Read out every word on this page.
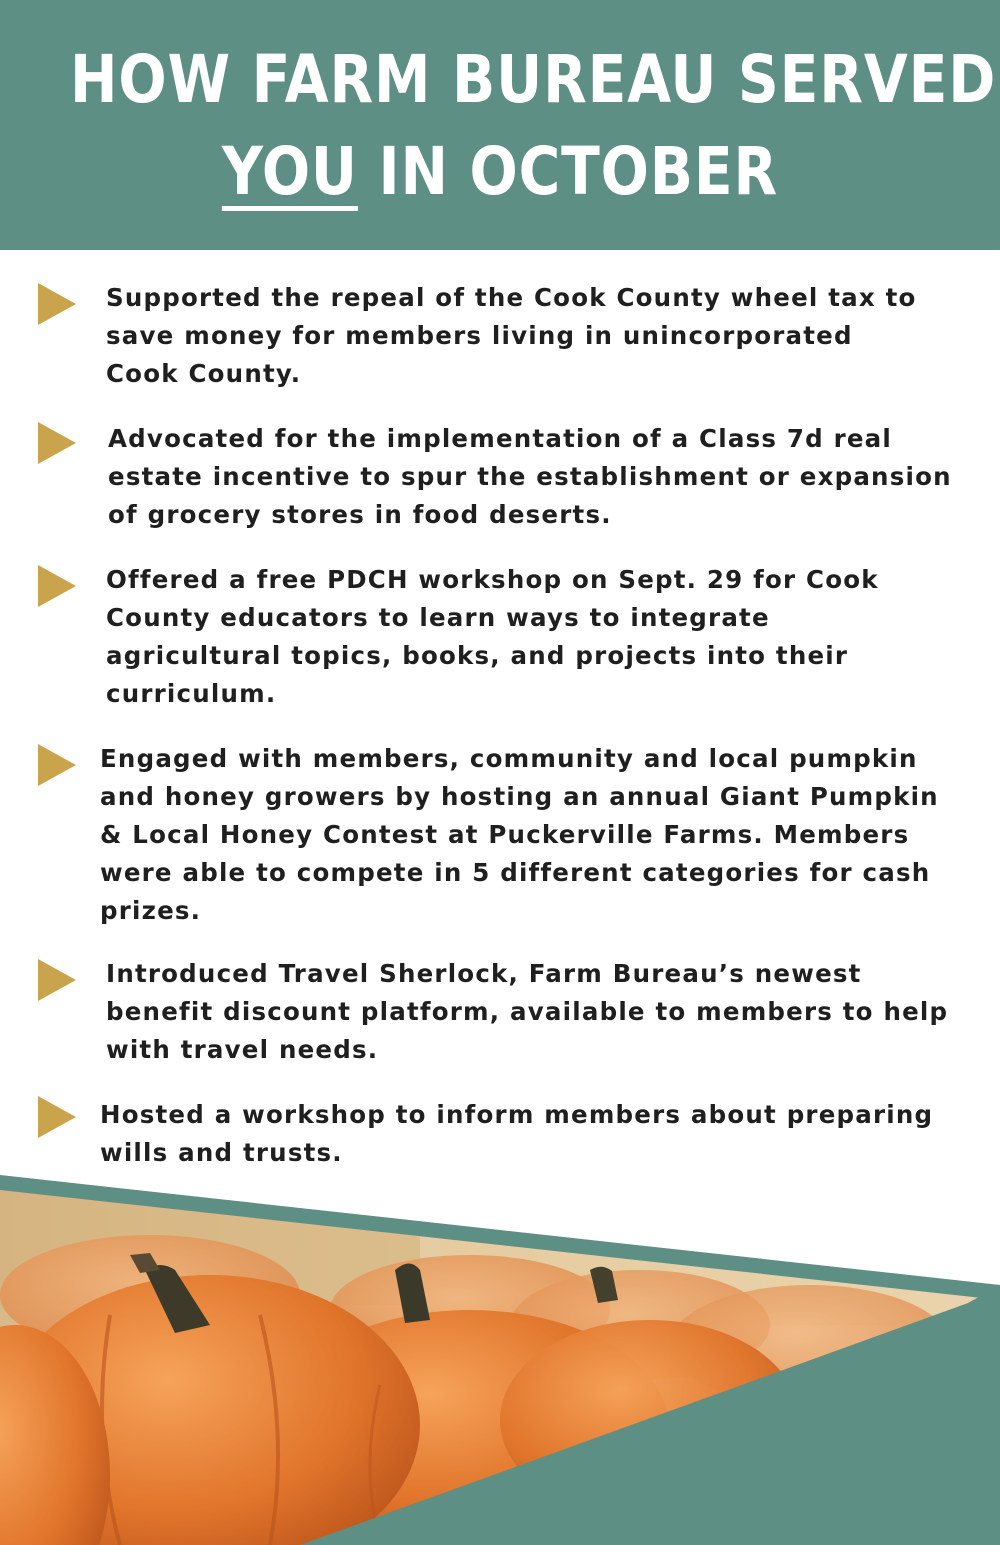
HOW FARM BUREAU SERVED
YOU IN OCTOBER

Supported the repeal of the Cook County wheel tax to
save money for members living in unincorporated
Cook County.

Advocated for the implementation of a Class 7d real
estate incentive to spur the establishment or expansion
of grocery stores in food deserts.

Offered a free PDCH workshop on Sept. 29 for Cook
County educators to learn ways to integrate
agricultural topics, books, and projects into their
curriculum.

Engaged with members, community and local pumpkin
and honey growers by hosting an annual Giant Pumpkin
& Local Honey Contest at Puckerville Farms. Members
were able to compete in 5 different categories for cash
prizes.

Introduced Travel Sherlock, Farm Bureau’s newest
benefit discount platform, available to members to help
with travel needs.

Hosted a workshop to inform members about preparing
wills and trusts.
